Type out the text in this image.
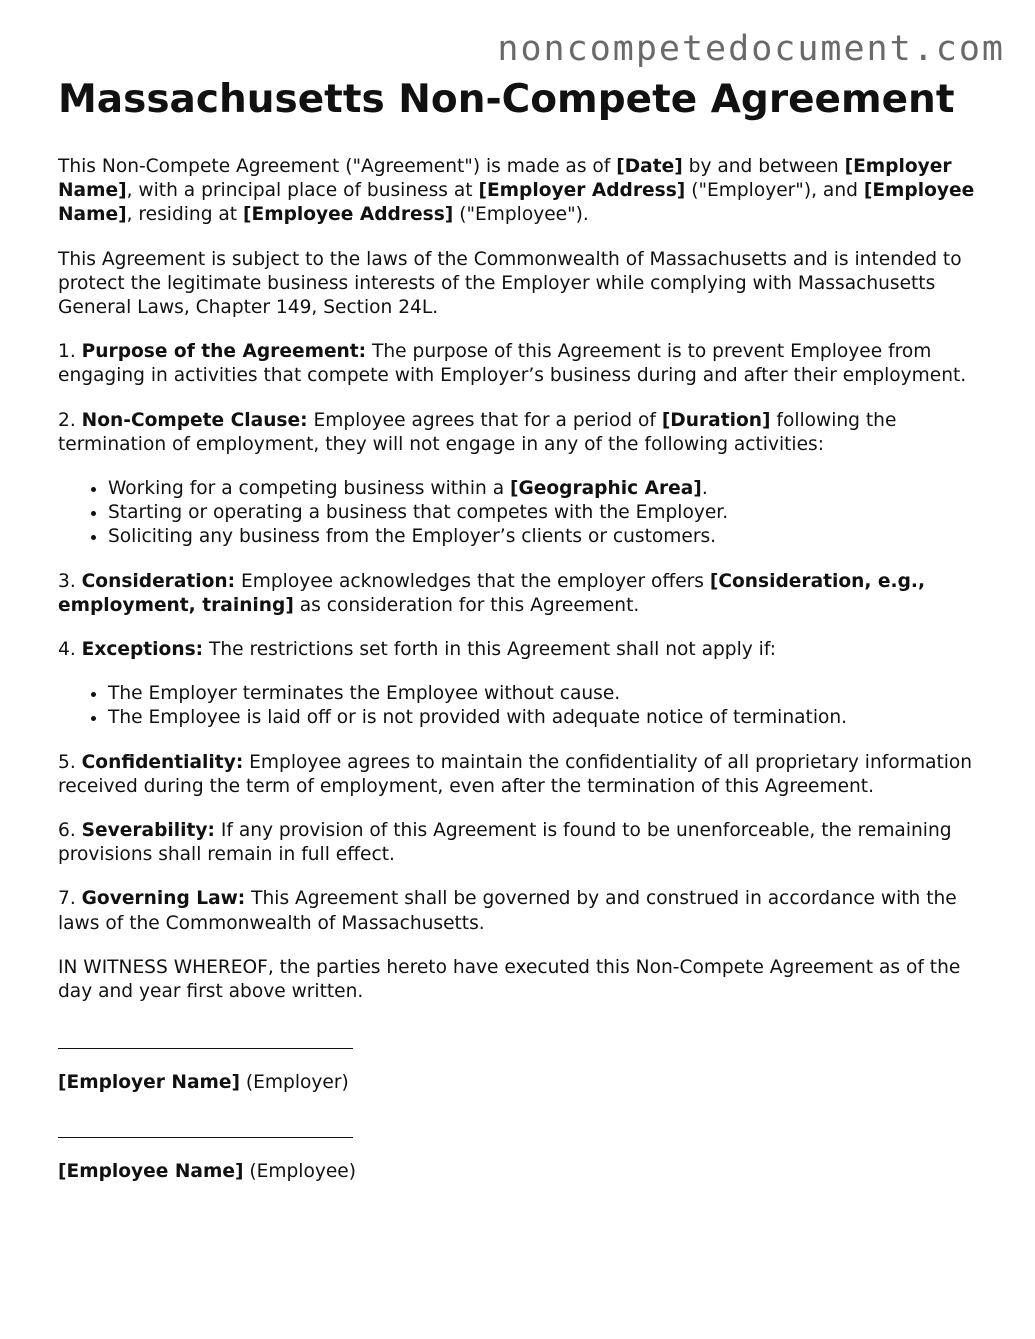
noncompetedocument.com
Massachusetts Non-Compete Agreement

This Non-Compete Agreement ("Agreement") is made as of [Date] by and between [Employer Name], with a principal place of business at [Employer Address] ("Employer"), and [Employee Name], residing at [Employee Address] ("Employee").

This Agreement is subject to the laws of the Commonwealth of Massachusetts and is intended to protect the legitimate business interests of the Employer while complying with Massachusetts General Laws, Chapter 149, Section 24L.

1. Purpose of the Agreement: The purpose of this Agreement is to prevent Employee from engaging in activities that compete with Employer’s business during and after their employment.

2. Non-Compete Clause: Employee agrees that for a period of [Duration] following the termination of employment, they will not engage in any of the following activities:

• Working for a competing business within a [Geographic Area].
• Starting or operating a business that competes with the Employer.
• Soliciting any business from the Employer’s clients or customers.

3. Consideration: Employee acknowledges that the employer offers [Consideration, e.g., employment, training] as consideration for this Agreement.

4. Exceptions: The restrictions set forth in this Agreement shall not apply if:

• The Employer terminates the Employee without cause.
• The Employee is laid off or is not provided with adequate notice of termination.

5. Confidentiality: Employee agrees to maintain the confidentiality of all proprietary information received during the term of employment, even after the termination of this Agreement.

6. Severability: If any provision of this Agreement is found to be unenforceable, the remaining provisions shall remain in full effect.

7. Governing Law: This Agreement shall be governed by and construed in accordance with the laws of the Commonwealth of Massachusetts.

IN WITNESS WHEREOF, the parties hereto have executed this Non-Compete Agreement as of the day and year first above written.

[Employer Name] (Employer)

[Employee Name] (Employee)
